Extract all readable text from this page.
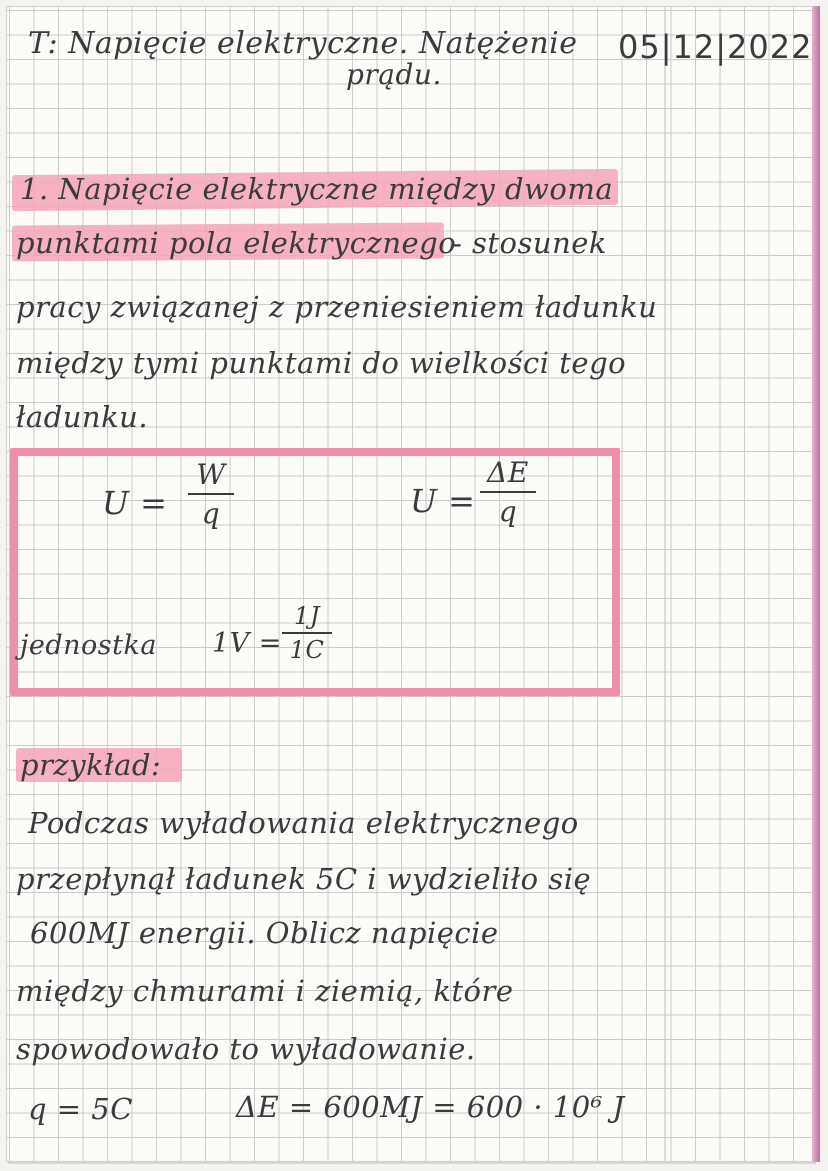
T: Napięcie elektryczne. Natężenie
prądu.
05|12|2022
1. Napięcie elektryczne między dwoma
punktami pola elektrycznego
- stosunek
pracy związanej z przeniesieniem ładunku
między tymi punktami do wielkości tego
ładunku.
U =
W
q	U =
ΔE
q
jednostka 1V =
1J
1C
przykład:
Podczas wyładowania elektrycznego
przepłynął ładunek 5C i wydzieliło się
600MJ energii. Oblicz napięcie
między chmurami i ziemią, które
spowodowało to wyładowanie.
q = 5C	ΔE = 600MJ = 600 · 10⁶ J
